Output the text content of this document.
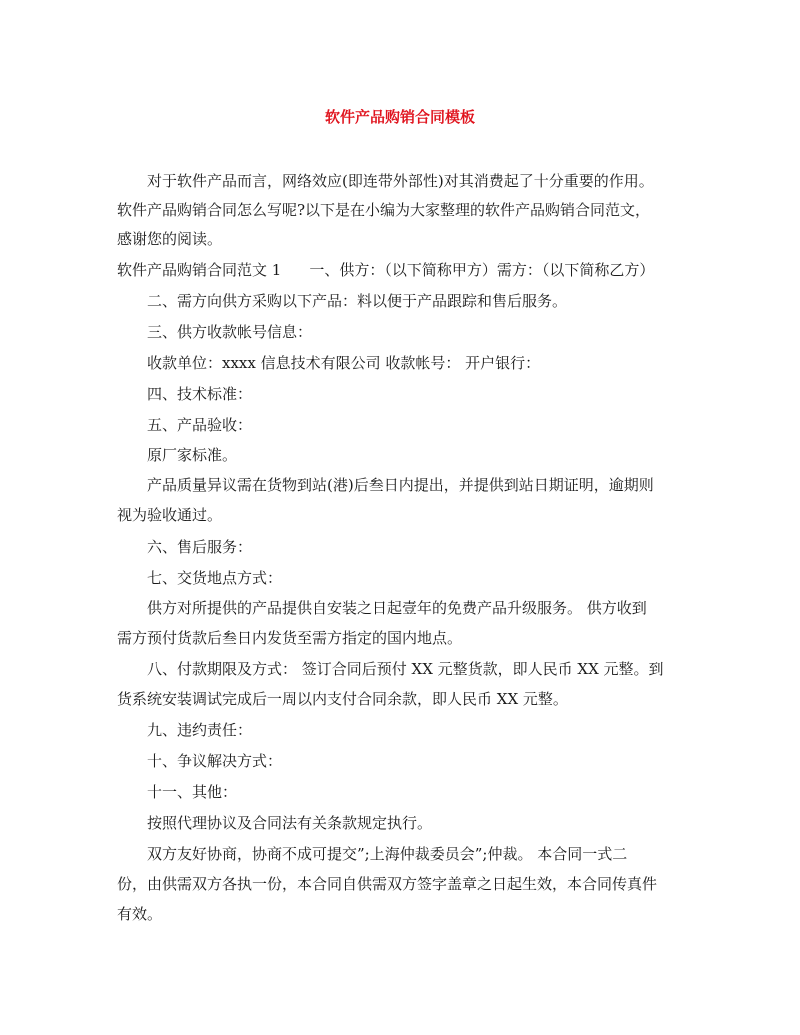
软件产品购销合同模板
对于软件产品而言，网络效应(即连带外部性)对其消费起了十分重要的作用。
软件产品购销合同怎么写呢?以下是在小编为大家整理的软件产品购销合同范文，
感谢您的阅读。
软件产品购销合同范文 1 一、供方：（以下简称甲方）需方：（以下简称乙方）
二、需方向供方采购以下产品：料以便于产品跟踪和售后服务。
三、供方收款帐号信息：
收款单位：xxxx 信息技术有限公司 收款帐号： 开户银行：
四、技术标准：
五、产品验收：
原厂家标准。
产品质量异议需在货物到站(港)后叁日内提出，并提供到站日期证明，逾期则
视为验收通过。
六、售后服务：
七、交货地点方式：
供方对所提供的产品提供自安装之日起壹年的免费产品升级服务。 供方收到
需方预付货款后叁日内发货至需方指定的国内地点。
八、付款期限及方式： 签订合同后预付 XX 元整货款，即人民币 XX 元整。到
货系统安装调试完成后一周以内支付合同余款，即人民币 XX 元整。
九、违约责任：
十、争议解决方式：
十一、其他：
按照代理协议及合同法有关条款规定执行。
双方友好协商，协商不成可提交”;上海仲裁委员会”;仲裁。 本合同一式二
份，由供需双方各执一份，本合同自供需双方签字盖章之日起生效，本合同传真件
有效。
